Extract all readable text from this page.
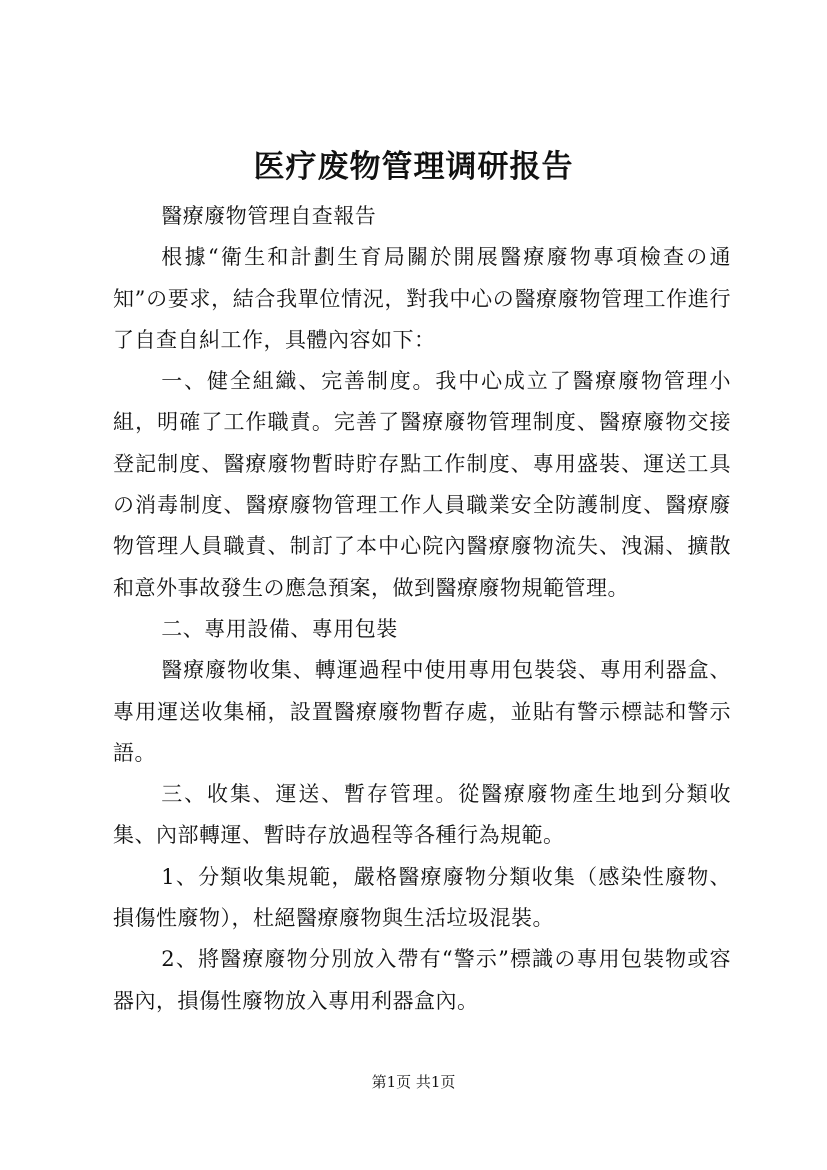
医疗废物管理调研报告

醫療廢物管理自查報告

根據“衛生和計劃生育局關於開展醫療廢物專項檢查の通知”の要求，結合我單位情況，對我中心の醫療廢物管理工作進行了自查自糾工作，具體內容如下：

一、健全組織、完善制度。我中心成立了醫療廢物管理小組，明確了工作職責。完善了醫療廢物管理制度、醫療廢物交接登記制度、醫療廢物暫時貯存點工作制度、專用盛裝、運送工具の消毒制度、醫療廢物管理工作人員職業安全防護制度、醫療廢物管理人員職責、制訂了本中心院內醫療廢物流失、洩漏、擴散和意外事故發生の應急預案，做到醫療廢物規範管理。

二、專用設備、專用包裝

醫療廢物收集、轉運過程中使用專用包裝袋、專用利器盒、專用運送收集桶，設置醫療廢物暫存處，並貼有警示標誌和警示語。

三、收集、運送、暫存管理。從醫療廢物產生地到分類收集、內部轉運、暫時存放過程等各種行為規範。

1、分類收集規範，嚴格醫療廢物分類收集（感染性廢物、損傷性廢物），杜絕醫療廢物與生活垃圾混裝。

2、將醫療廢物分別放入帶有“警示”標識の專用包裝物或容器內，損傷性廢物放入專用利器盒內。

第1页 共1页
